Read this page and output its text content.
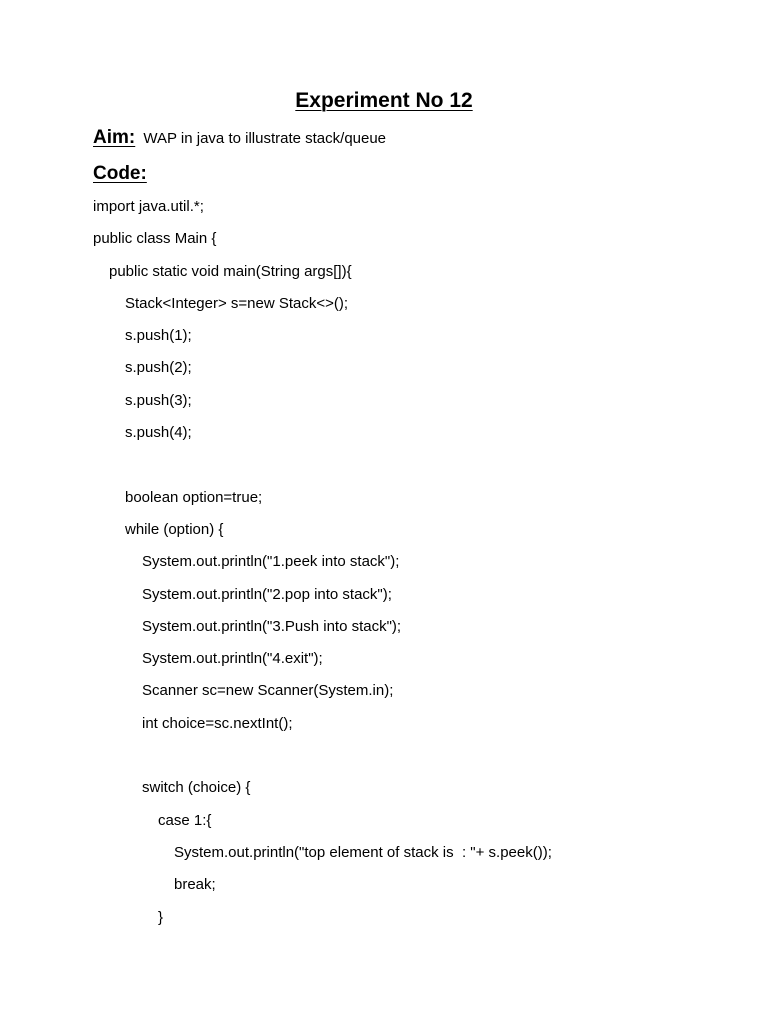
Experiment No 12
Aim: WAP in java to illustrate stack/queue
Code:
import java.util.*;
public class Main {
public static void main(String args[]){
Stack<Integer> s=new Stack<>();
s.push(1);
s.push(2);
s.push(3);
s.push(4);
boolean option=true;
while (option) {
System.out.println("1.peek into stack");
System.out.println("2.pop into stack");
System.out.println("3.Push into stack");
System.out.println("4.exit");
Scanner sc=new Scanner(System.in);
int choice=sc.nextInt();
switch (choice) {
case 1:{
System.out.println("top element of stack is  : "+ s.peek());
break;
}
